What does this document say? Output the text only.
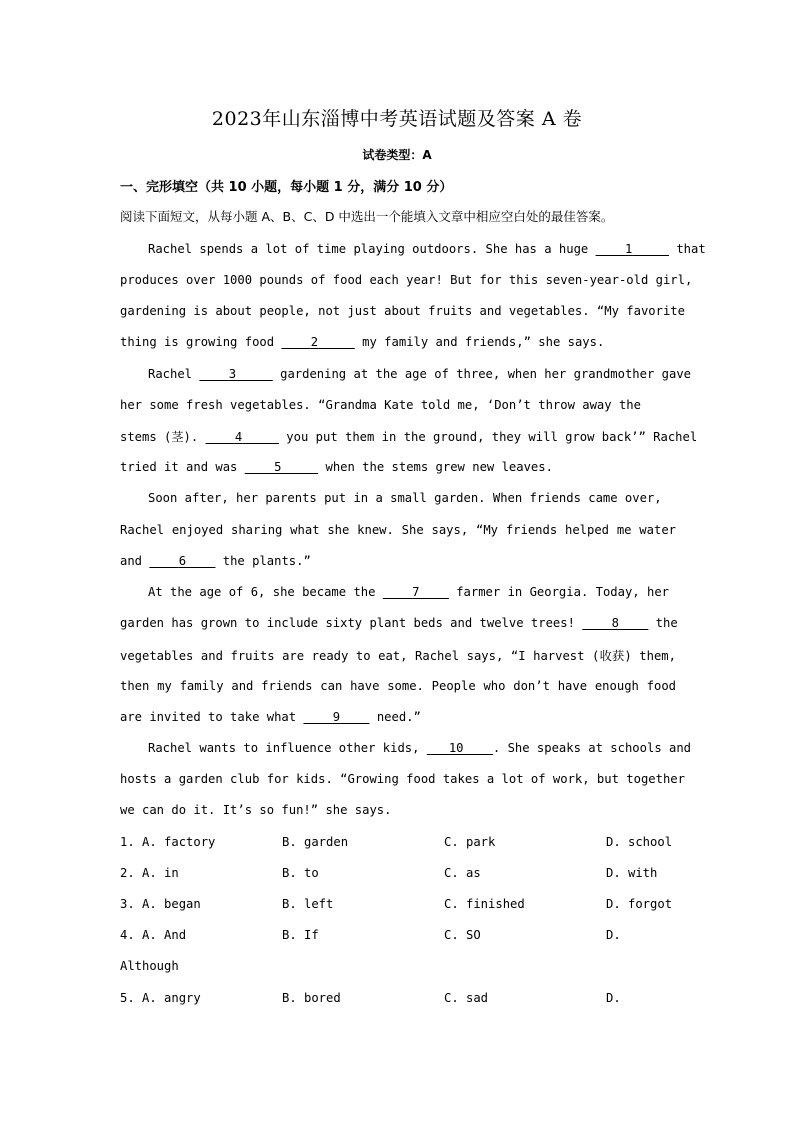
2023年山东淄博中考英语试题及答案 A 卷
试卷类型：A
一、完形填空（共 10 小题，每小题 1 分，满分 10 分）
阅读下面短文，从每小题 A、B、C、D 中选出一个能填入文章中相应空白处的最佳答案。
Rachel spends a lot of time playing outdoors. She has a huge     1	that
produces over 1000 pounds of food each year! But for this seven-year-old girl,
gardening is about people, not just about fruits and vegetables. “My favorite
thing is growing food     2	my family and friends,” she says.
Rachel     3	gardening at the age of three, when her grandmother gave
her some fresh vegetables. “Grandma Kate told me, ‘Don’t throw away the
stems (茎).     4	you put them in the ground, they will grow back’” Rachel
tried it and was     5	when the stems grew new leaves.
Soon after, her parents put in a small garden. When friends came over,
Rachel enjoyed sharing what she knew. She says, “My friends helped me water
and     6     the plants.”
At the age of 6, she became the     7     farmer in Georgia. Today, her
garden has grown to include sixty plant beds and twelve trees!     8     the
vegetables and fruits are ready to eat, Rachel says, “I harvest (收获) them,
then my family and friends can have some. People who don’t have enough food
are invited to take what     9     need.”
Rachel wants to influence other kids,    10 . She speaks at schools and
hosts a garden club for kids. “Growing food takes a lot of work, but together
we can do it. It’s so fun!” she says.
1. A. factory	B. garden	C. park	D. school
2. A. in	B. to	C. as	D. with
3. A. began	B. left	C. finished	D. forgot
4. A. And	B. If	C. SO	D.
Although
5. A. angry	B. bored	C. sad	D.
